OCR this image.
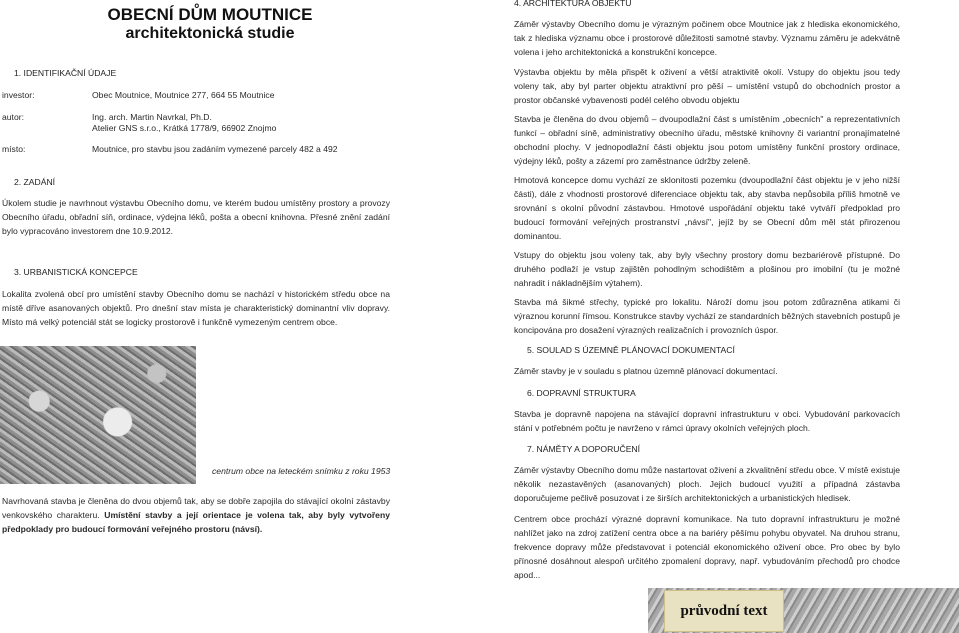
OBECNÍ DŮM MOUTNICE
architektonická studie
1. IDENTIFIKAČNÍ ÚDAJE
investor:	Obec Moutnice, Moutnice 277, 664 55 Moutnice
autor:	Ing. arch. Martin Navrkal, Ph.D.
Atelier GNS s.r.o., Krátká 1778/9, 66902 Znojmo
místo:	Moutnice, pro stavbu jsou zadáním vymezené parcely 482 a 492
2. ZADÁNÍ
Úkolem studie je navrhnout výstavbu Obecního domu, ve kterém budou umístěny prostory a provozy Obecního úřadu, obřadní síň, ordinace, výdejna léků, pošta a obecní knihovna. Přesné znění zadání bylo vypracováno investorem dne 10.9.2012.
3. URBANISTICKÁ KONCEPCE
Lokalita zvolená obcí pro umístění stavby Obecního domu se nachází v historickém středu obce na místě dříve asanovaných objektů. Pro dnešní stav místa je charakteristický dominantní vliv dopravy. Místo má velký potenciál stát se logicky prostorově i funkčně vymezeným centrem obce.
centrum obce na leteckém snímku z roku 1953
Navrhovaná stavba je členěna do dvou objemů tak, aby se dobře zapojila do stávající okolní zástavby venkovského charakteru. Umístění stavby a její orientace je volena tak, aby byly vytvořeny předpoklady pro budoucí formování veřejného prostoru (návsí).
4. ARCHITEKTURA OBJEKTU
Záměr výstavby Obecního domu je výrazným počinem obce Moutnice jak z hlediska ekonomického, tak z hlediska významu obce i prostorové důležitosti samotné stavby. Významu záměru je adekvátně volena i jeho architektonická a konstrukční koncepce.
Výstavba objektu by měla přispět k oživení a větší atraktivitě okolí. Vstupy do objektu jsou tedy voleny tak, aby byl parter objektu atraktivní pro pěší – umístění vstupů do obchodních prostor a prostor občanské vybavenosti podél celého obvodu objektu
Stavba je členěna do dvou objemů – dvoupodlažní část s umístěním „obecních" a reprezentativních funkcí – obřadní síně, administrativy obecního úřadu, městské knihovny či variantní pronajímatelné obchodní plochy. V jednopodlažní části objektu jsou potom umístěny funkční prostory ordinace, výdejny léků, pošty a zázemí pro zaměstnance údržby zeleně.
Hmotová koncepce domu vychází ze sklonitosti pozemku (dvoupodlažní část objektu je v jeho nižší části), dále z vhodnosti prostorové diferenciace objektu tak, aby stavba nepůsobila příliš hmotně ve srovnání s okolní původní zástavbou. Hmotové uspořádání objektu také vytváří předpoklad pro budoucí formování veřejných prostranství „návsí", jejíž by se Obecní dům měl stát přirozenou dominantou.
Vstupy do objektu jsou voleny tak, aby byly všechny prostory domu bezbariérově přístupné. Do druhého podlaží je vstup zajištěn pohodlným schodištěm a plošinou pro imobilní (tu je možné nahradit i nákladnějším výtahem).
Stavba má šikmé střechy, typické pro lokalitu. Nároží domu jsou potom zdůrazněna atikami či výraznou korunní římsou. Konstrukce stavby vychází ze standardních běžných stavebních postupů je koncipována pro dosažení výrazných realizačních i provozních úspor.
5. SOULAD S ÚZEMNĚ PLÁNOVACÍ DOKUMENTACÍ
Záměr stavby je v souladu s platnou územně plánovací dokumentací.
6. DOPRAVNÍ STRUKTURA
Stavba je dopravně napojena na stávající dopravní infrastrukturu v obci. Vybudování parkovacích stání v potřebném počtu je navrženo v rámci úpravy okolních veřejných ploch.
7. NÁMĚTY A DOPORUČENÍ
Záměr výstavby Obecního domu může nastartovat oživení a zkvalitnění středu obce. V místě existuje několik nezastavěných (asanovaných) ploch. Jejich budoucí využití a případná zástavba doporučujeme pečlivě posuzovat i ze širších architektonických a urbanistických hledisek.
Centrem obce prochází výrazné dopravní komunikace. Na tuto dopravní infrastrukturu je možné nahlížet jako na zdroj zatížení centra obce a na bariéry pěšímu pohybu obyvatel. Na druhou stranu, frekvence dopravy může představovat i potenciál ekonomického oživení obce. Pro obec by bylo přínosné dosáhnout alespoň určitého zpomalení dopravy, např. vybudováním přechodů pro chodce apod...
průvodní text
